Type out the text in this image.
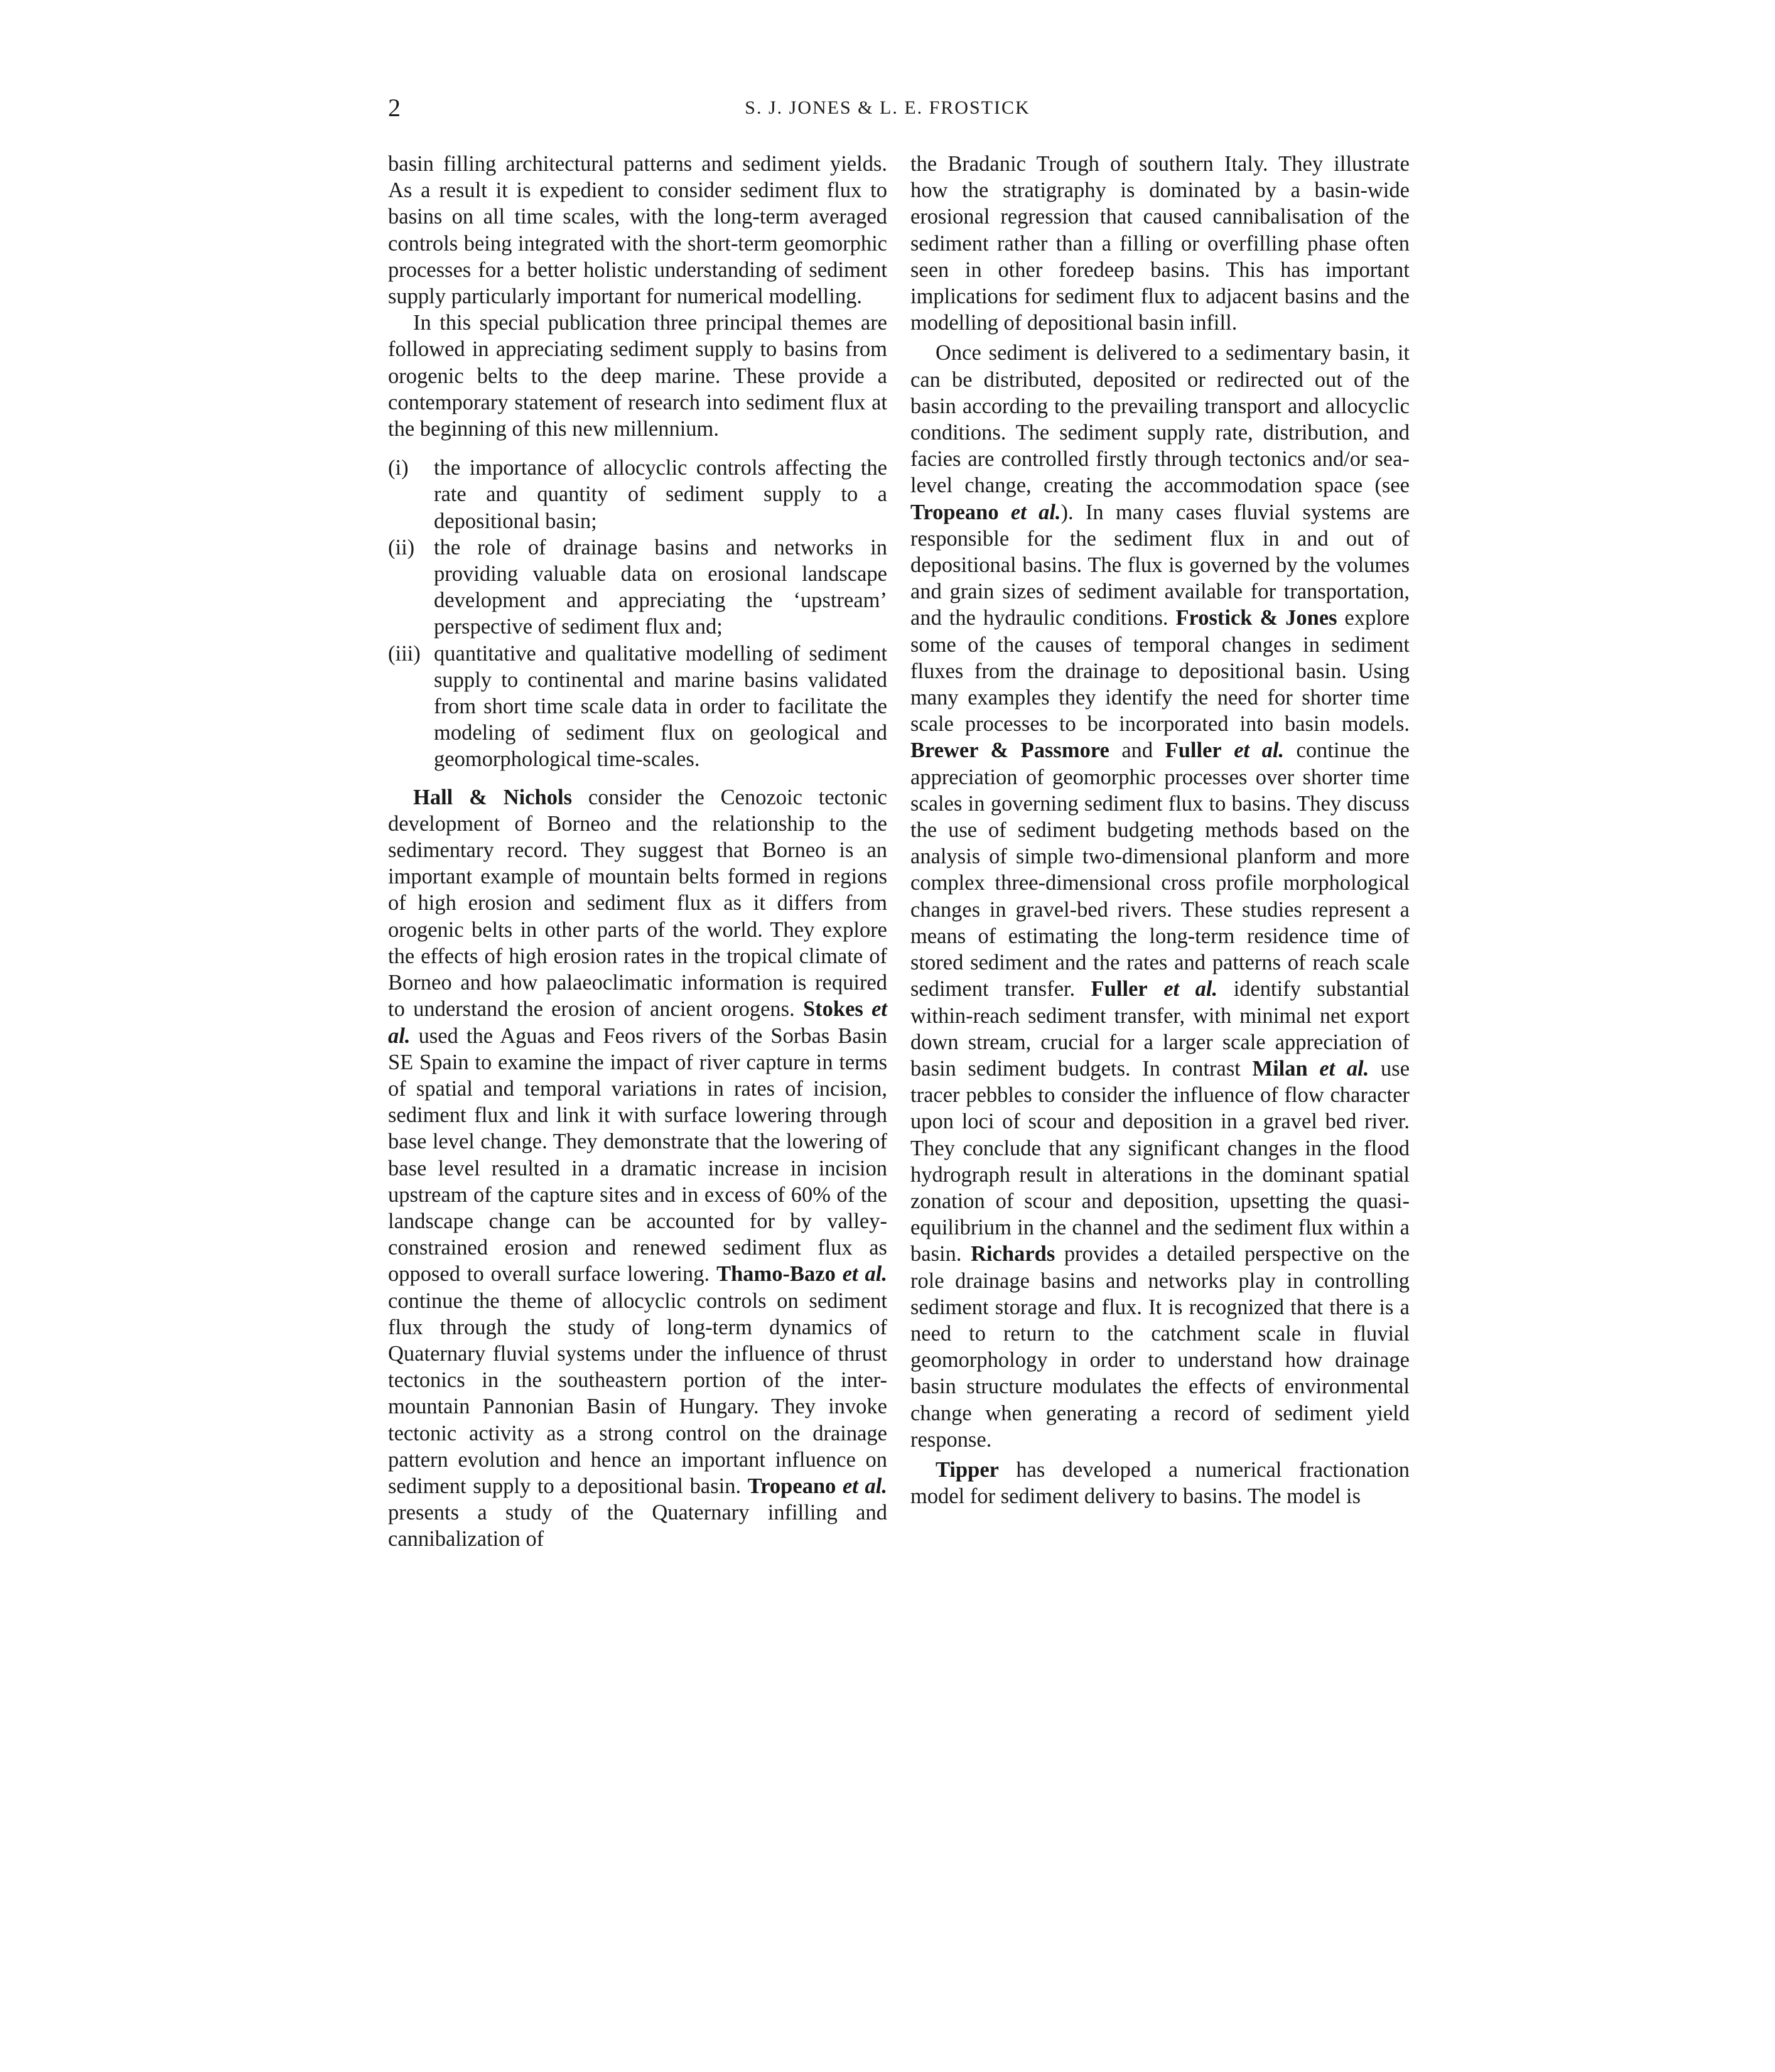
2	S. J. JONES & L. E. FROSTICK

basin filling architectural patterns and sediment yields. As a result it is expedient to consider sediment flux to basins on all time scales, with the long-term averaged controls being integrated with the short-term geomorphic processes for a better holistic understanding of sediment supply particularly important for numerical modelling.

In this special publication three principal themes are followed in appreciating sediment supply to basins from orogenic belts to the deep marine. These provide a contemporary statement of research into sediment flux at the beginning of this new millennium.

(i) the importance of allocyclic controls affecting the rate and quantity of sediment supply to a depositional basin;
(ii) the role of drainage basins and networks in providing valuable data on erosional landscape development and appreciating the ‘upstream’ perspective of sediment flux and;
(iii) quantitative and qualitative modelling of sediment supply to continental and marine basins validated from short time scale data in order to facilitate the modeling of sediment flux on geological and geomorphological time-scales.

Hall & Nichols consider the Cenozoic tectonic development of Borneo and the relationship to the sedimentary record. They suggest that Borneo is an important example of mountain belts formed in regions of high erosion and sediment flux as it differs from orogenic belts in other parts of the world. They explore the effects of high erosion rates in the tropical climate of Borneo and how palaeoclimatic information is required to understand the erosion of ancient orogens. Stokes et al. used the Aguas and Feos rivers of the Sorbas Basin SE Spain to examine the impact of river capture in terms of spatial and temporal variations in rates of incision, sediment flux and link it with surface lowering through base level change. They demonstrate that the lowering of base level resulted in a dramatic increase in incision upstream of the capture sites and in excess of 60% of the landscape change can be accounted for by valley-constrained erosion and renewed sediment flux as opposed to overall surface lowering. Thamo-Bazo et al. continue the theme of allocyclic controls on sediment flux through the study of long-term dynamics of Quaternary fluvial systems under the influence of thrust tectonics in the southeastern portion of the inter-mountain Pannonian Basin of Hungary. They invoke tectonic activity as a strong control on the drainage pattern evolution and hence an important influence on sediment supply to a depositional basin. Tropeano et al. presents a study of the Quaternary infilling and cannibalization of

the Bradanic Trough of southern Italy. They illustrate how the stratigraphy is dominated by a basin-wide erosional regression that caused cannibalisation of the sediment rather than a filling or overfilling phase often seen in other foredeep basins. This has important implications for sediment flux to adjacent basins and the modelling of depositional basin infill.

Once sediment is delivered to a sedimentary basin, it can be distributed, deposited or redirected out of the basin according to the prevailing transport and allocyclic conditions. The sediment supply rate, distribution, and facies are controlled firstly through tectonics and/or sea-level change, creating the accommodation space (see Tropeano et al.). In many cases fluvial systems are responsible for the sediment flux in and out of depositional basins. The flux is governed by the volumes and grain sizes of sediment available for transportation, and the hydraulic conditions. Frostick & Jones explore some of the causes of temporal changes in sediment fluxes from the drainage to depositional basin. Using many examples they identify the need for shorter time scale processes to be incorporated into basin models. Brewer & Passmore and Fuller et al. continue the appreciation of geomorphic processes over shorter time scales in governing sediment flux to basins. They discuss the use of sediment budgeting methods based on the analysis of simple two-dimensional planform and more complex three-dimensional cross profile morphological changes in gravel-bed rivers. These studies represent a means of estimating the long-term residence time of stored sediment and the rates and patterns of reach scale sediment transfer. Fuller et al. identify substantial within-reach sediment transfer, with minimal net export down stream, crucial for a larger scale appreciation of basin sediment budgets. In contrast Milan et al. use tracer pebbles to consider the influence of flow character upon loci of scour and deposition in a gravel bed river. They conclude that any significant changes in the flood hydrograph result in alterations in the dominant spatial zonation of scour and deposition, upsetting the quasi-equilibrium in the channel and the sediment flux within a basin. Richards provides a detailed perspective on the role drainage basins and networks play in controlling sediment storage and flux. It is recognized that there is a need to return to the catchment scale in fluvial geomorphology in order to understand how drainage basin structure modulates the effects of environmental change when generating a record of sediment yield response.

Tipper has developed a numerical fractionation model for sediment delivery to basins. The model is
